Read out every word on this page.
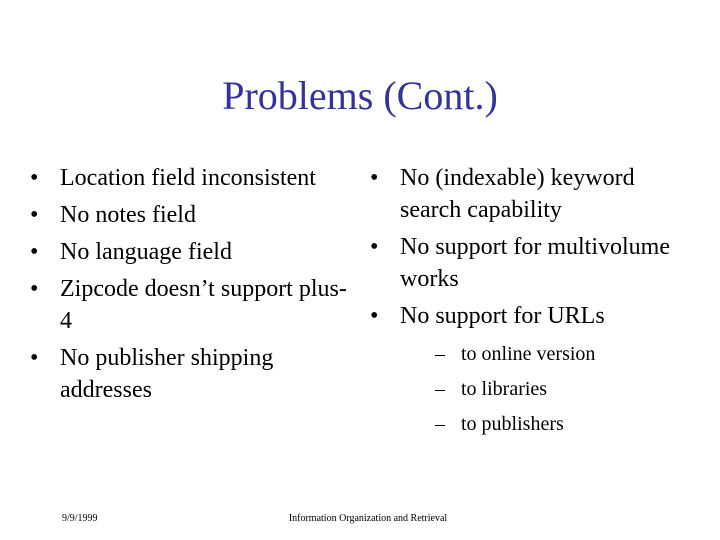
Problems (Cont.)
• Location field inconsistent
• No notes field
• No language field
• Zipcode doesn’t support plus-4
• No publisher shipping addresses
• No (indexable) keyword search capability
• No support for multivolume works
• No support for URLs
– to online version
– to libraries
– to publishers
9/9/1999	Information Organization and Retrieval
